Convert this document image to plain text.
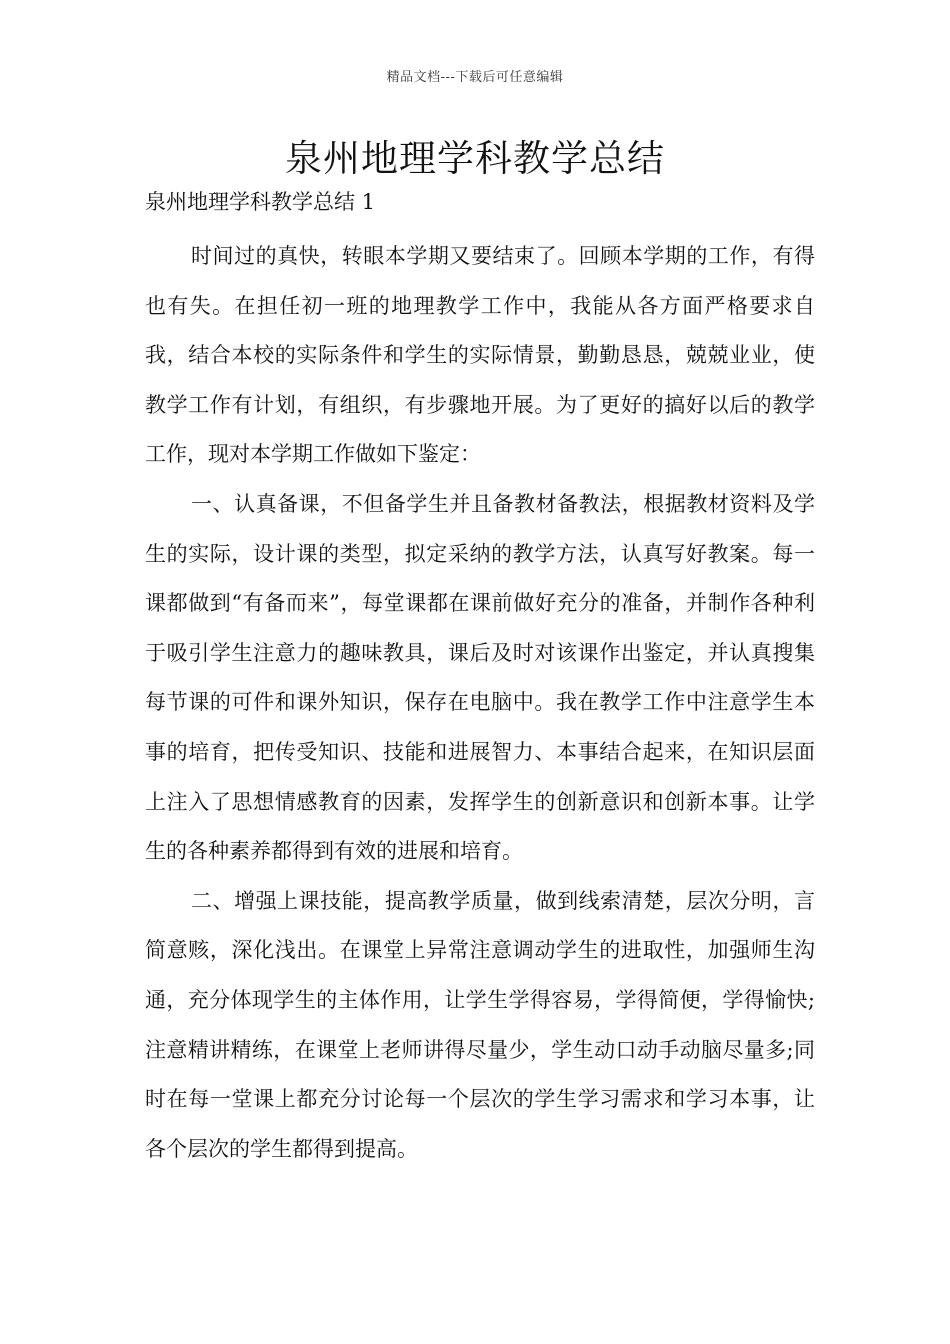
精品文档---下载后可任意编辑
泉州地理学科教学总结
泉州地理学科教学总结 1

时间过的真快，转眼本学期又要结束了。回顾本学期的工作，有得也有失。在担任初一班的地理教学工作中，我能从各方面严格要求自我，结合本校的实际条件和学生的实际情景，勤勤恳恳，兢兢业业，使教学工作有计划，有组织，有步骤地开展。为了更好的搞好以后的教学工作，现对本学期工作做如下鉴定：

一、认真备课，不但备学生并且备教材备教法，根据教材资料及学生的实际，设计课的类型，拟定采纳的教学方法，认真写好教案。每一课都做到“有备而来”，每堂课都在课前做好充分的准备，并制作各种利于吸引学生注意力的趣味教具，课后及时对该课作出鉴定，并认真搜集每节课的可件和课外知识，保存在电脑中。我在教学工作中注意学生本事的培育，把传受知识、技能和进展智力、本事结合起来，在知识层面上注入了思想情感教育的因素，发挥学生的创新意识和创新本事。让学生的各种素养都得到有效的进展和培育。

二、增强上课技能，提高教学质量，做到线索清楚，层次分明，言简意赅，深化浅出。在课堂上异常注意调动学生的进取性，加强师生沟通，充分体现学生的主体作用，让学生学得容易，学得简便，学得愉快;注意精讲精练，在课堂上老师讲得尽量少，学生动口动手动脑尽量多;同时在每一堂课上都充分讨论每一个层次的学生学习需求和学习本事，让各个层次的学生都得到提高。
